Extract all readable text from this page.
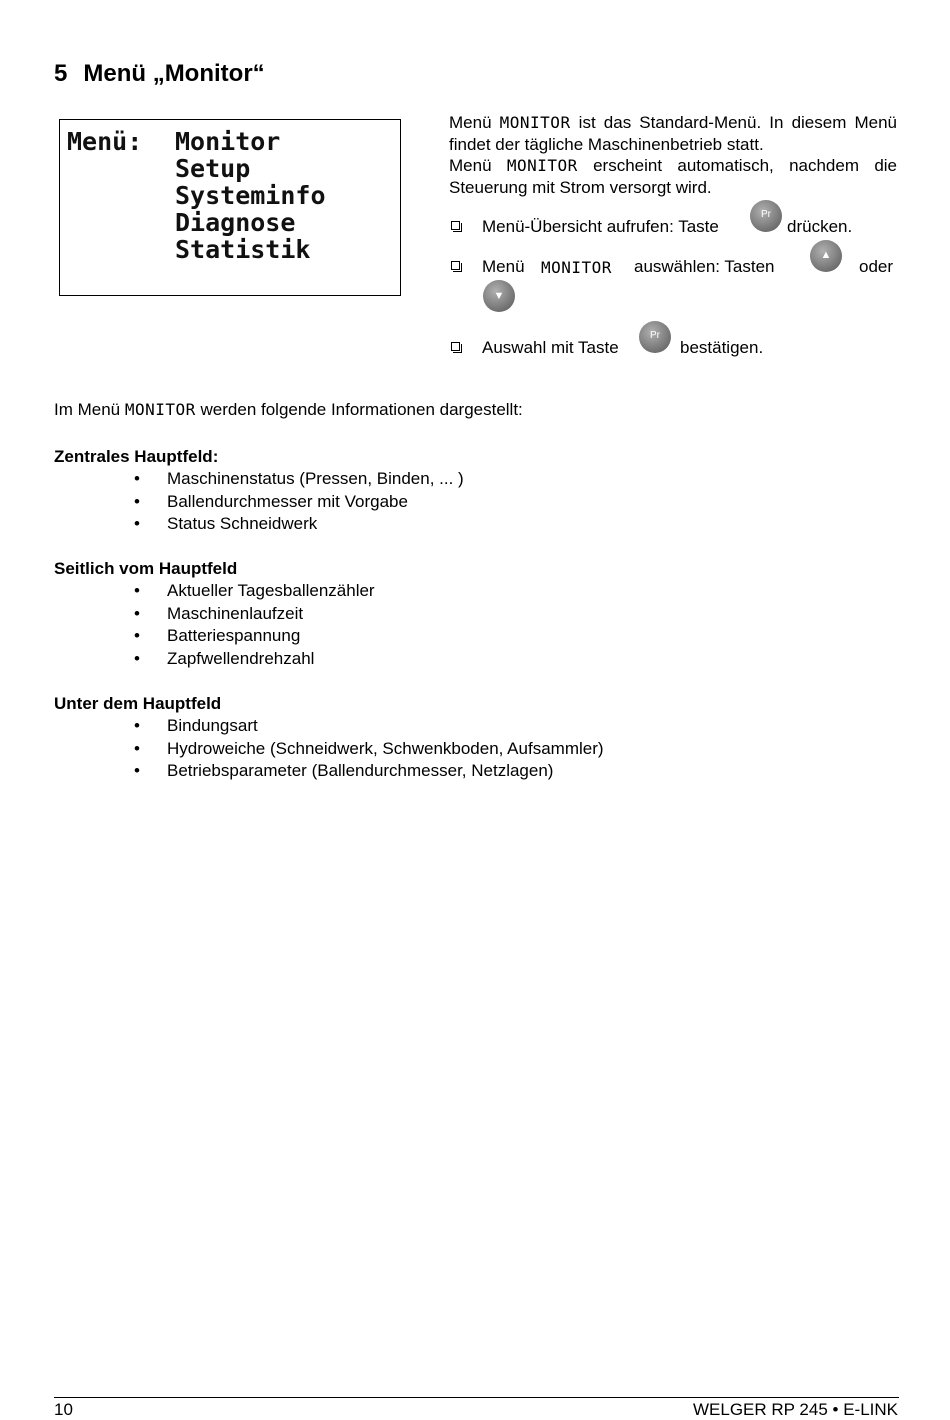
5 Menü „Monitor“
Menü: Monitor
Setup
Systeminfo
Diagnose
Statistik

Menü MONITOR ist das Standard-Menü. In diesem Menü findet der tägliche Maschinenbetrieb statt.
Menü MONITOR erscheint automatisch, nachdem die Steuerung mit Strom versorgt wird.

Menü-Übersicht aufrufen: Taste
Pr
drücken.
Menü	MONITOR	auswählen: Tasten
▲
oder
▼
Auswahl mit Taste
Pr
bestätigen.

Im Menü MONITOR werden folgende Informationen dargestellt:

Zentrales Hauptfeld:
• Maschinenstatus (Pressen, Binden, ... )
• Ballendurchmesser mit Vorgabe
• Status Schneidwerk
Seitlich vom Hauptfeld
• Aktueller Tagesballenzähler
• Maschinenlaufzeit
• Batteriespannung
• Zapfwellendrehzahl
Unter dem Hauptfeld
• Bindungsart
• Hydroweiche (Schneidwerk, Schwenkboden, Aufsammler)
• Betriebsparameter (Ballendurchmesser, Netzlagen)
10	WELGER RP 245 • E-LINK
